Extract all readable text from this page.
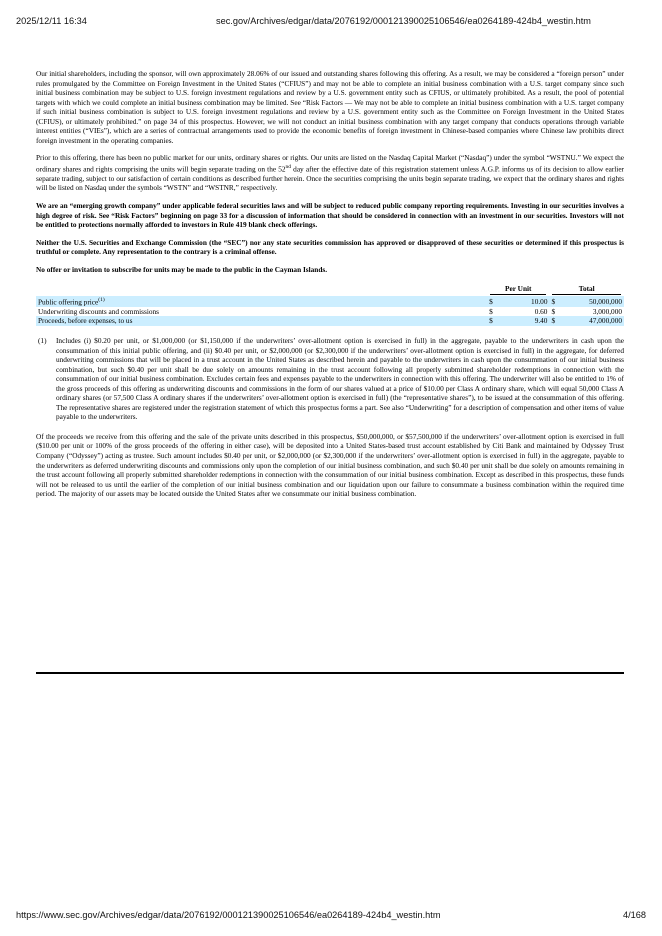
2025/12/11 16:34	sec.gov/Archives/edgar/data/2076192/000121390025106546/ea0264189-424b4_westin.htm

Our initial shareholders, including the sponsor, will own approximately 28.06% of our issued and outstanding shares following this offering. As a result, we may be considered a “foreign person” under rules promulgated by the Committee on Foreign Investment in the United States (“CFIUS”) and may not be able to complete an initial business combination with a U.S. target company since such initial business combination may be subject to U.S. foreign investment regulations and review by a U.S. government entity such as CFIUS, or ultimately prohibited. As a result, the pool of potential targets with which we could complete an initial business combination may be limited. See “Risk Factors — We may not be able to complete an initial business combination with a U.S. target company if such initial business combination is subject to U.S. foreign investment regulations and review by a U.S. government entity such as the Committee on Foreign Investment in the United States (CFIUS), or ultimately prohibited.” on page 34 of this prospectus. However, we will not conduct an initial business combination with any target company that conducts operations through variable interest entities (“VIEs”), which are a series of contractual arrangements used to provide the economic benefits of foreign investment in Chinese-based companies where Chinese law prohibits direct foreign investment in the operating companies.

Prior to this offering, there has been no public market for our units, ordinary shares or rights. Our units are listed on the Nasdaq Capital Market (“Nasdaq”) under the symbol “WSTNU.” We expect the ordinary shares and rights comprising the units will begin separate trading on the 52nd day after the effective date of this registration statement unless A.G.P. informs us of its decision to allow earlier separate trading, subject to our satisfaction of certain conditions as described further herein. Once the securities comprising the units begin separate trading, we expect that the ordinary shares and rights will be listed on Nasdaq under the symbols “WSTN” and “WSTNR,” respectively.

We are an “emerging growth company” under applicable federal securities laws and will be subject to reduced public company reporting requirements. Investing in our securities involves a high degree of risk. See “Risk Factors” beginning on page 33 for a discussion of information that should be considered in connection with an investment in our securities. Investors will not be entitled to protections normally afforded to investors in Rule 419 blank check offerings.

Neither the U.S. Securities and Exchange Commission (the “SEC”) nor any state securities commission has approved or disapproved of these securities or determined if this prospectus is truthful or complete. Any representation to the contrary is a criminal offense.

No offer or invitation to subscribe for units may be made to the public in the Cayman Islands.

	Per Unit		Total	

Public offering price$^{(1)}$	$	10.00	$	50,000,000
Underwriting discounts and commissions	$	0.60	$	3,000,000
Proceeds, before expenses, to us	$	9.40	$	47,000,000
(1)	Includes (i) $0.20 per unit, or $1,000,000 (or $1,150,000 if the underwriters’ over-allotment option is exercised in full) in the aggregate, payable to the underwriters in cash upon the consummation of this initial public offering, and (ii) $0.40 per unit, or $2,000,000 (or $2,300,000 if the underwriters’ over-allotment option is exercised in full) in the aggregate, for deferred underwriting commissions that will be placed in a trust account in the United States as described herein and payable to the underwriters in cash upon the consummation of our initial business combination, but such $0.40 per unit shall be due solely on amounts remaining in the trust account following all properly submitted shareholder redemptions in connection with the consummation of our initial business combination. Excludes certain fees and expenses payable to the underwriters in connection with this offering. The underwriter will also be entitled to 1% of the gross proceeds of this offering as underwriting discounts and commissions in the form of our shares valued at a price of $10.00 per Class A ordinary share, which will equal 50,000 Class A ordinary shares (or 57,500 Class A ordinary shares if the underwriters’ over-allotment option is exercised in full) (the “representative shares”), to be issued at the consummation of this offering. The representative shares are registered under the registration statement of which this prospectus forms a part. See also “Underwriting” for a description of compensation and other items of value payable to the underwriters.

Of the proceeds we receive from this offering and the sale of the private units described in this prospectus, $50,000,000, or $57,500,000 if the underwriters’ over-allotment option is exercised in full ($10.00 per unit or 100% of the gross proceeds of the offering in either case), will be deposited into a United States-based trust account established by Citi Bank and maintained by Odyssey Trust Company (“Odyssey”) acting as trustee. Such amount includes $0.40 per unit, or $2,000,000 (or $2,300,000 if the underwriters’ over-allotment option is exercised in full) in the aggregate, payable to the underwriters as deferred underwriting discounts and commissions only upon the completion of our initial business combination, and such $0.40 per unit shall be due solely on amounts remaining in the trust account following all properly submitted shareholder redemptions in connection with the consummation of our initial business combination. Except as described in this prospectus, these funds will not be released to us until the earlier of the completion of our initial business combination and our liquidation upon our failure to consummate a business combination within the required time period. The majority of our assets may be located outside the United States after we consummate our initial business combination.

https://www.sec.gov/Archives/edgar/data/2076192/000121390025106546/ea0264189-424b4_westin.htm	4/168
